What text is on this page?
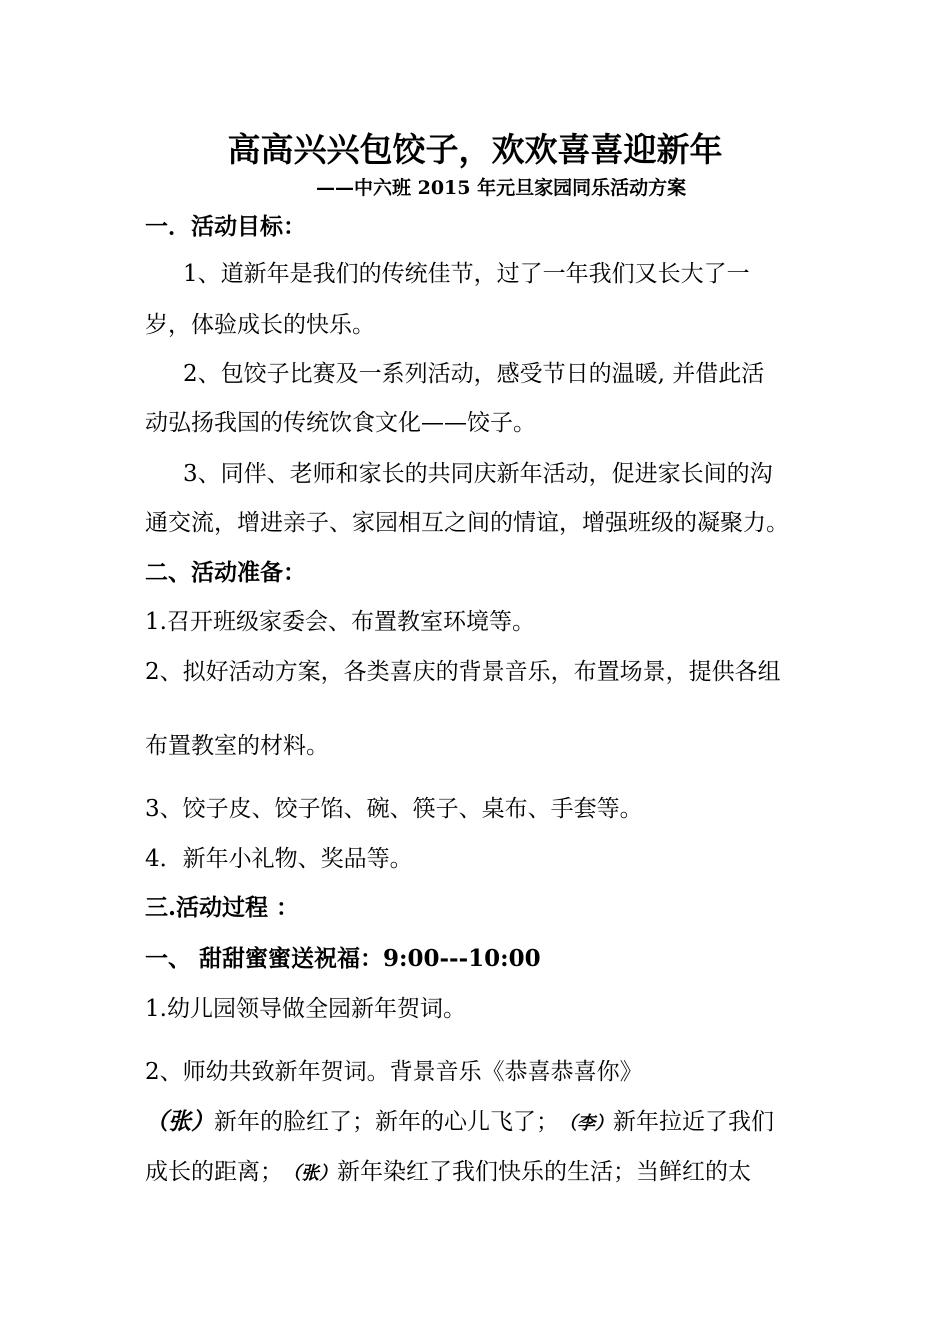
高高兴兴包饺子，欢欢喜喜迎新年
——中六班 2015 年元旦家园同乐活动方案
一．活动目标：
1、道新年是我们的传统佳节，过了一年我们又长大了一
岁，体验成长的快乐。
2、包饺子比赛及一系列活动，感受节日的温暖, 并借此活
动弘扬我国的传统饮食文化——饺子。
3、同伴、老师和家长的共同庆新年活动，促进家长间的沟
通交流，增进亲子、家园相互之间的情谊，增强班级的凝聚力。
二、活动准备：
1.召开班级家委会、布置教室环境等。
2、拟好活动方案，各类喜庆的背景音乐，布置场景，提供各组
布置教室的材料。
3、饺子皮、饺子馅、碗、筷子、桌布、手套等。
4．新年小礼物、奖品等。
三.活动过程 ：
一、 甜甜蜜蜜送祝福：9:00---10:00
1.幼儿园领导做全园新年贺词。
2、师幼共致新年贺词。背景音乐《恭喜恭喜你》
（张）新年的脸红了；新年的心儿飞了；（李）新年拉近了我们
成长的距离；（张）新年染红了我们快乐的生活；当鲜红的太
